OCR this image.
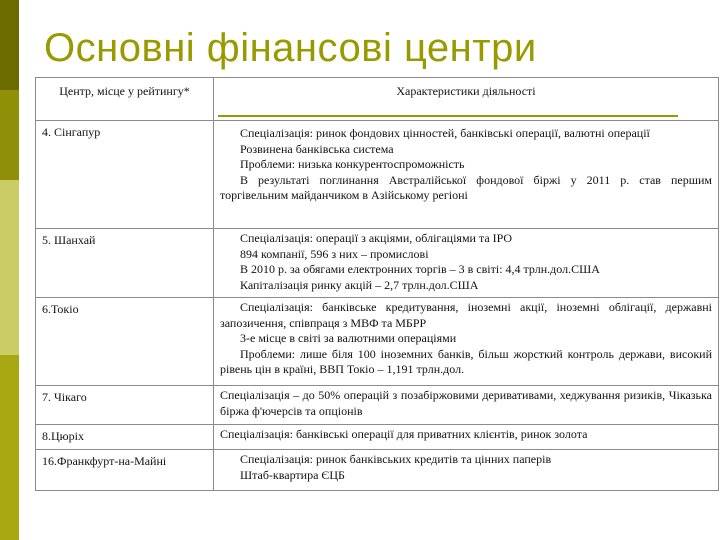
Основні фінансові центри
Центр, місце у рейтингу*	Характеристики діяльності

4. Сінгапур	Спеціалізація: ринок фондових цінностей, банківські операції, валютні операції

Розвинена банківська система

Проблеми: низька конкурентоспроможність

В результаті поглинання Австралійської фондової біржі у 2011 р. став першим торгівельним майданчиком в Азійському регіоні

5. Шанхай	Спеціалізація: операції з акціями, облігаціями та IPO

894 компанії, 596 з них – промислові

В 2010 р. за обягами електронних торгів – 3 в світі: 4,4 трлн.дол.США

Капіталізація ринку акцій – 2,7 трлн.дол.США

6.Токіо	Спеціалізація: банківське кредитування, іноземні акції, іноземні облігації, державні запозичення, співпраця з МВФ та МБРР

3-е місце в світі за валютними операціями

Проблеми: лише біля 100 іноземних банків, більш жорсткий контроль держави, високий рівень цін в країні, ВВП Токіо – 1,191 трлн.дол.

7. Чікаго	Спеціалізація – до 50% операцій з позабіржовими деривативами, хеджування ризиків, Чіказька біржа ф'ючерсів та опціонів

8.Цюріх	Спеціалізація: банківські операції для приватних клієнтів, ринок золота

16.Франкфурт-на-Майні	Спеціалізація: ринок банківських кредитів та цінних паперів

Штаб-квартира ЄЦБ
